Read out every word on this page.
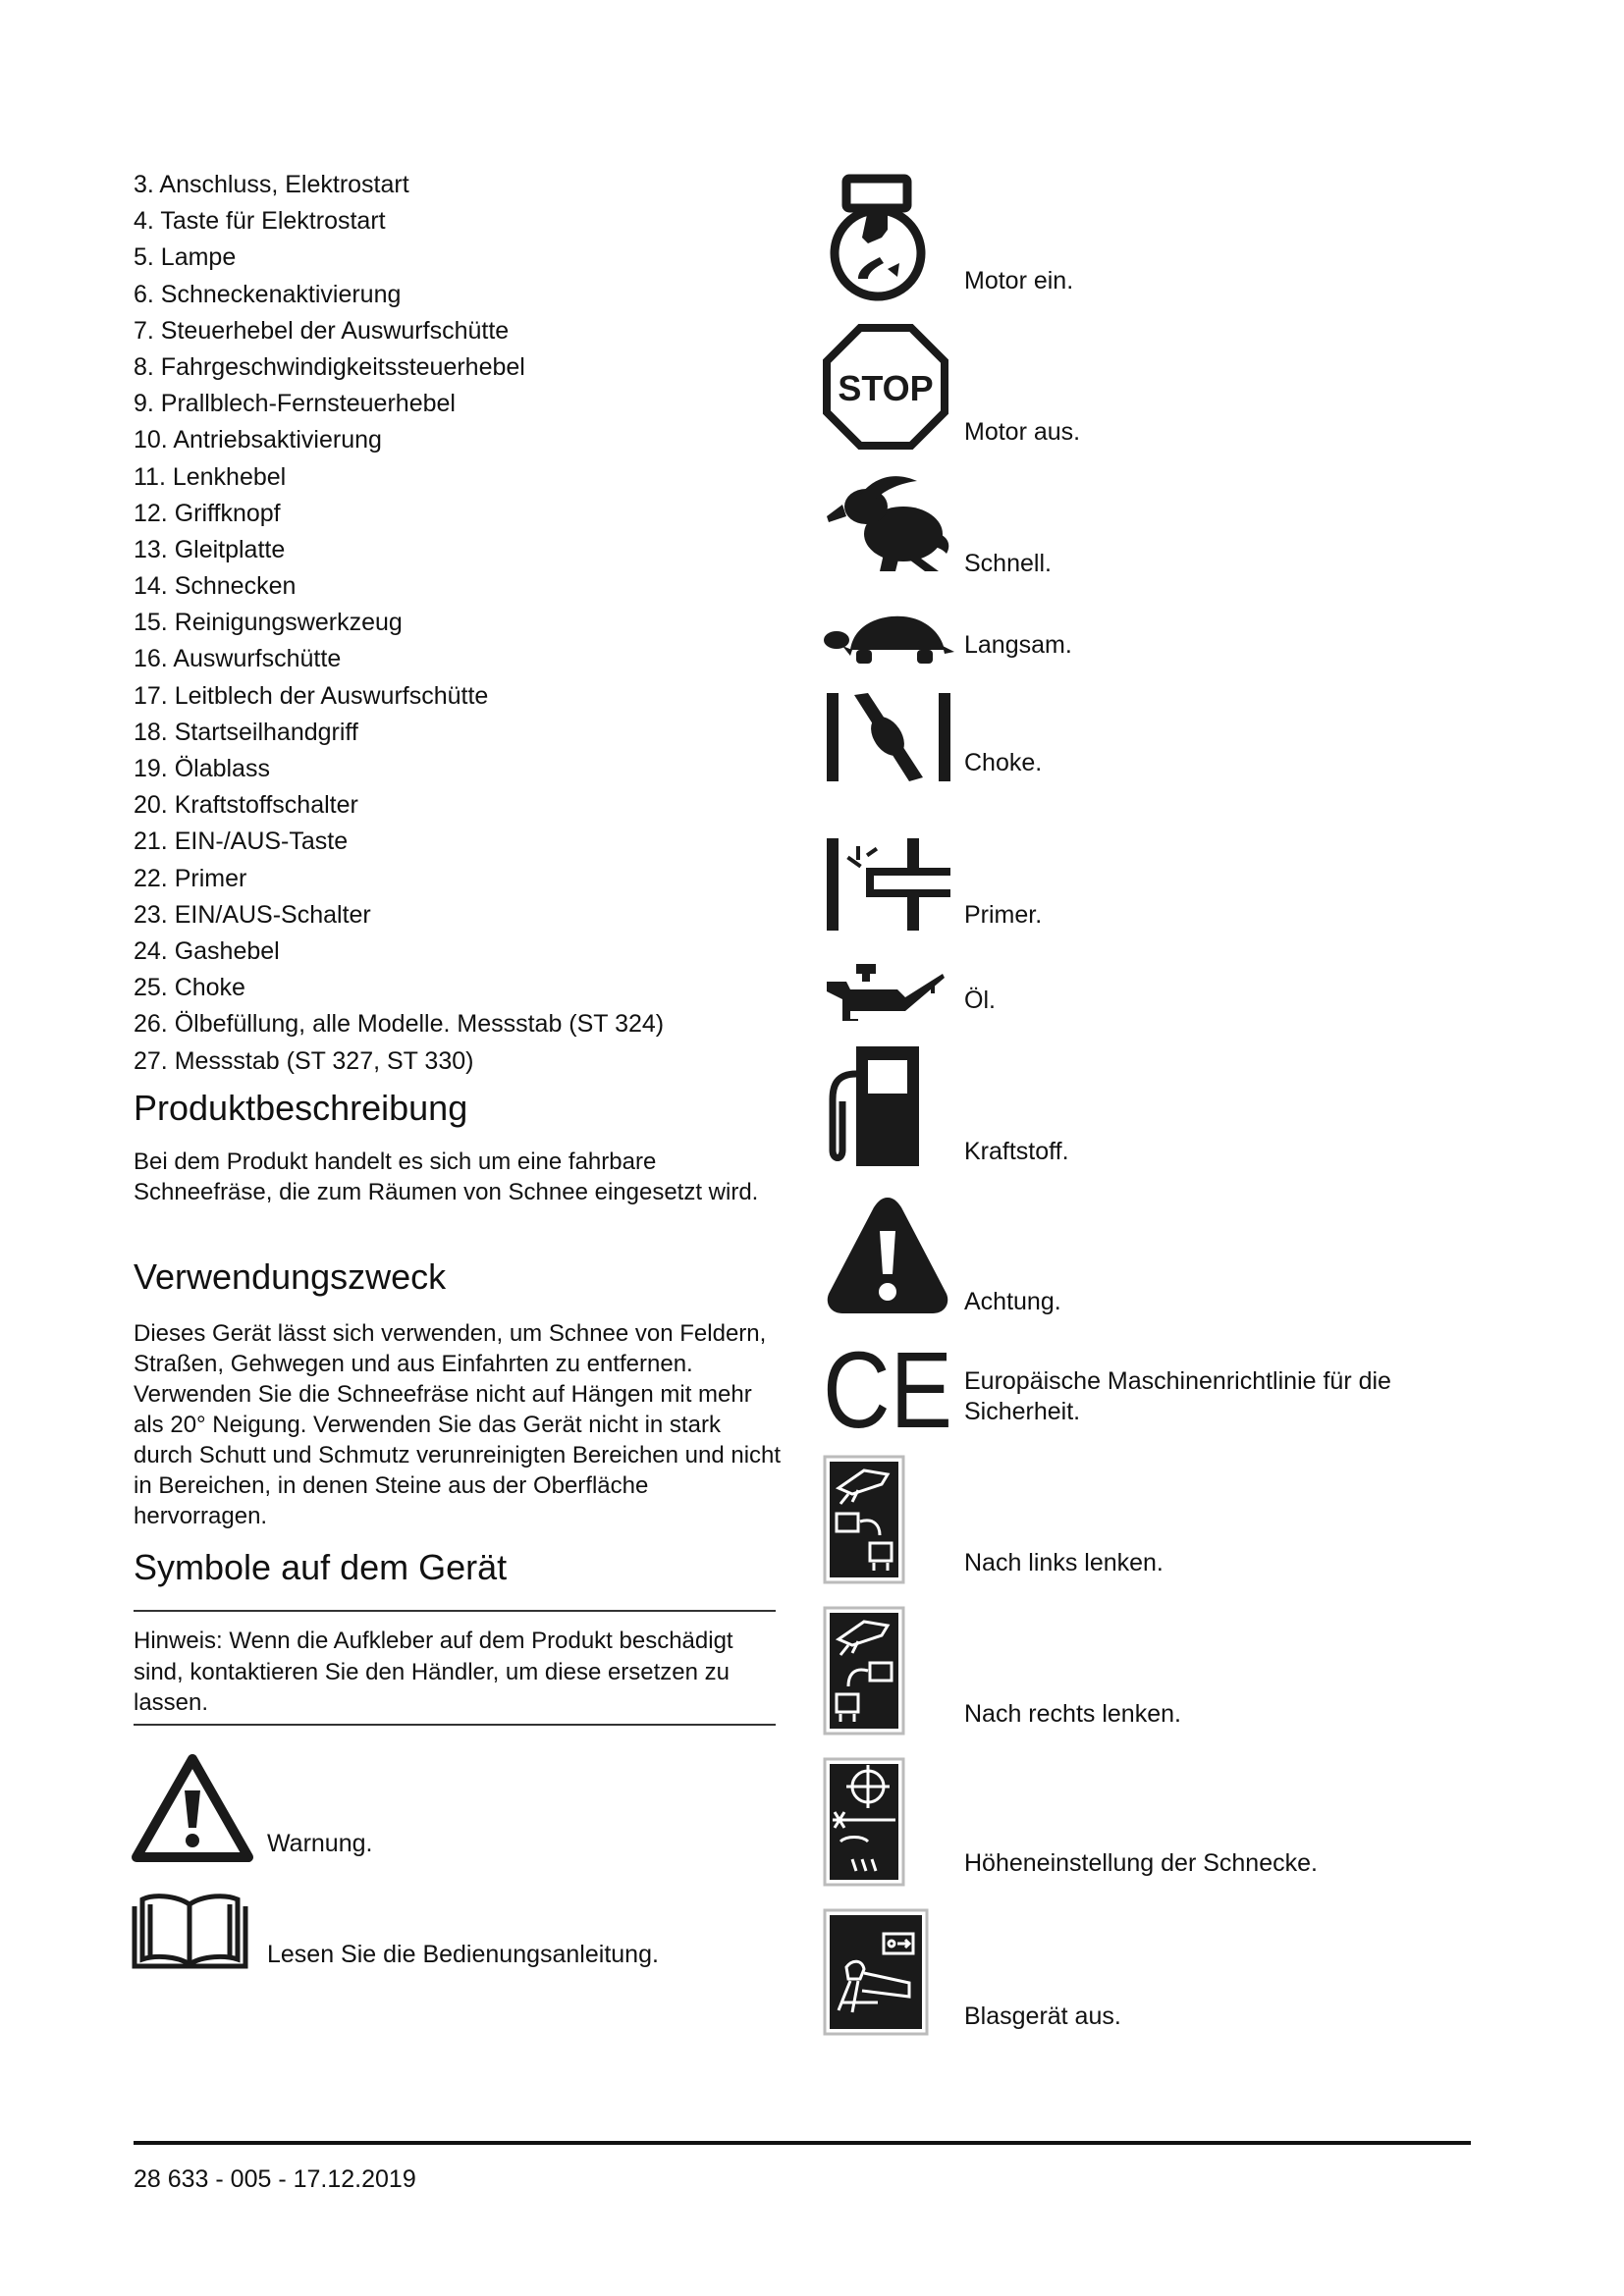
3. Anschluss, Elektrostart
4. Taste für Elektrostart
5. Lampe
6. Schneckenaktivierung
7. Steuerhebel der Auswurfschütte
8. Fahrgeschwindigkeitssteuerhebel
9. Prallblech-Fernsteuerhebel
10. Antriebsaktivierung
11. Lenkhebel
12. Griffknopf
13. Gleitplatte
14. Schnecken
15. Reinigungswerkzeug
16. Auswurfschütte
17. Leitblech der Auswurfschütte
18. Startseilhandgriff
19. Ölablass
20. Kraftstoffschalter
21. EIN-/AUS-Taste
22. Primer
23. EIN/AUS-Schalter
24. Gashebel
25. Choke
26. Ölbefüllung, alle Modelle. Messstab (ST 324)
27. Messstab (ST 327, ST 330)
Produktbeschreibung

Bei dem Produkt handelt es sich um eine fahrbare Schneefräse, die zum Räumen von Schnee eingesetzt wird.

Verwendungszweck

Dieses Gerät lässt sich verwenden, um Schnee von Feldern, Straßen, Gehwegen und aus Einfahrten zu entfernen. Verwenden Sie die Schneefräse nicht auf Hängen mit mehr als 20° Neigung. Verwenden Sie das Gerät nicht in stark durch Schutt und Schmutz verunreinigten Bereichen und nicht in Bereichen, in denen Steine aus der Oberfläche hervorragen.

Symbole auf dem Gerät
Hinweis: Wenn die Aufkleber auf dem Produkt beschädigt sind, kontaktieren Sie den Händler, um diese ersetzen zu lassen.
Warnung.
Lesen Sie die Bedienungsanleitung.
Motor ein.
STOP
Motor aus.
Schnell.
Langsam.
Choke.
Primer.
Öl.
Kraftstoff.
Achtung.
CE Europäische Maschinenrichtlinie für die Sicherheit.
Nach links lenken.
Nach rechts lenken.
Höheneinstellung der Schnecke.
Blasgerät aus.
28 633 - 005 - 17.12.2019
